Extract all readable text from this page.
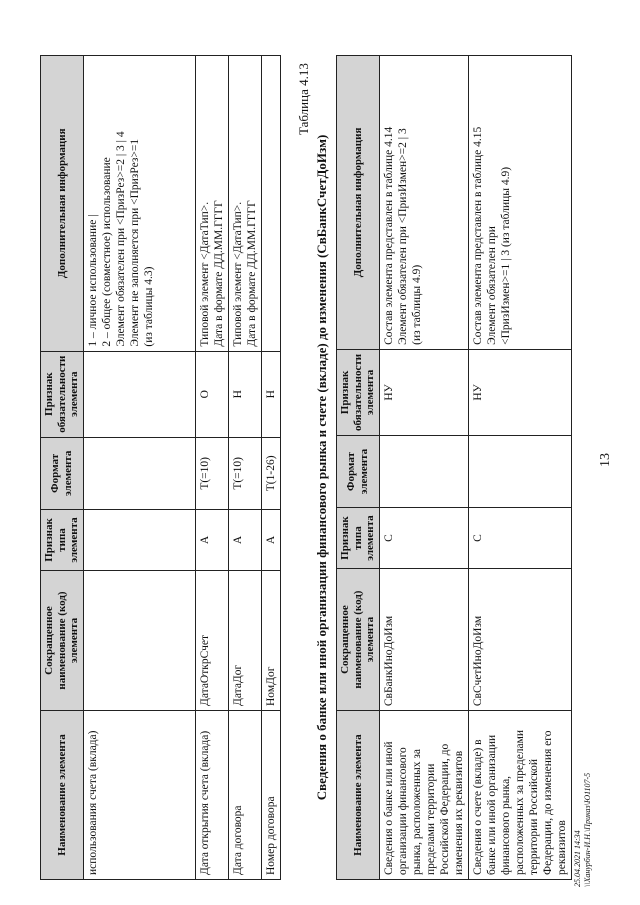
13
Наименование элемента	Сокращенное наименование (код) элемента	Признак типа элемента	Формат элемента	Признак обязательности элемента	Дополнительная информация
использования счета (вклада)					1 – личное использование |
2 – общее (совместное) использование
Элемент обязателен при <ПризРез>=2 | 3 | 4
Элемент не заполняется при <ПризРез>=1
(из таблицы 4.3)
Дата открытия счета (вклада)	ДатаОткрСчет	А	T(=10)	О	Типовой элемент <ДатаТип>.
Дата в формате ДД.ММ.ГГГГ
Дата договора	ДатаДог	А	T(=10)	Н	Типовой элемент <ДатаТип>.
Дата в формате ДД.ММ.ГГГГ
Номер договора	НомДог	А	T(1-26)	Н	
Таблица 4.13
Сведения о банке или иной организации финансового рынка и счете (вкладе) до изменения (СвБанкСчетДоИзм) Наименование элемента	Сокращенное наименование (код) элемента	Признак типа элемента	Формат элемента	Признак обязательности элемента	Дополнительная информация
Сведения о банке или иной организации финансового рынка, расположенных за пределами территории Российской Федерации, до изменения их реквизитов	СвБанкИноДоИзм	С		НУ	Состав элемента представлен в таблице 4.14
Элемент обязателен при <ПризИзмен>=2 | 3
(из таблицы 4.9)
Сведения о счете (вкладе) в банке или иной организации финансового рынка, расположенных за пределами территории Российской Федерации, до изменения его реквизитов	СвСчетИноДоИзм	С		НУ	Состав элемента представлен в таблице 4.15
Элемент обязателен при
<ПризИзмен>=1 | 3 (из таблицы 4.9)
25.04.2021 14:34 \\Ханурбин-И.Н.\Приказ\Ю1107-5
